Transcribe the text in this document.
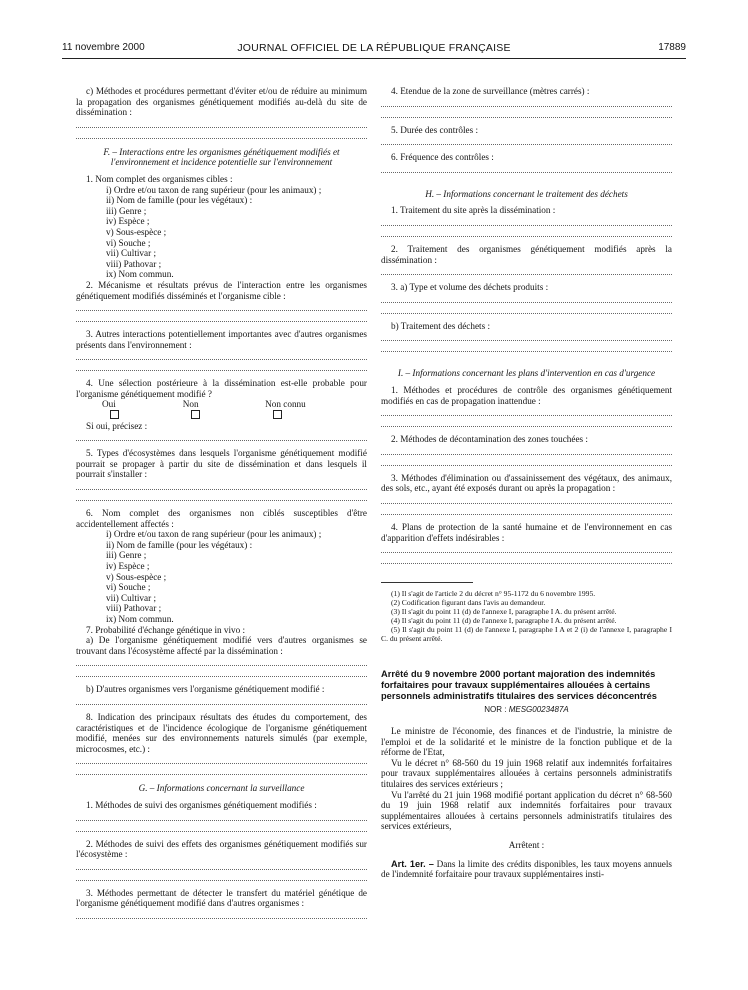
11 novembre 2000	JOURNAL OFFICIEL DE LA RÉPUBLIQUE FRANÇAISE	17889

c) Méthodes et procédures permettant d'éviter et/ou de réduire au minimum la propagation des organismes génétiquement modifiés au-delà du site de dissémination :

F. – Interactions entre les organismes génétiquement modifiés et l'environnement et incidence potentielle sur l'environnement

1. Nom complet des organismes cibles :

i) Ordre et/ou taxon de rang supérieur (pour les animaux) ;

ii) Nom de famille (pour les végétaux) :

iii) Genre ;

iv) Espèce ;

v) Sous-espèce ;

vi) Souche ;

vii) Cultivar ;

viii) Pathovar ;

ix) Nom commun.

2. Mécanisme et résultats prévus de l'interaction entre les organismes génétiquement modifiés disséminés et l'organisme cible :

3. Autres interactions potentiellement importantes avec d'autres organismes présents dans l'environnement :

4. Une sélection postérieure à la dissémination est-elle probable pour l'organisme génétiquement modifié ?

Oui	Non	Non connu

Si oui, précisez :

5. Types d'écosystèmes dans lesquels l'organisme génétiquement modifié pourrait se propager à partir du site de dissémination et dans lesquels il pourrait s'installer :

6. Nom complet des organismes non ciblés susceptibles d'être accidentellement affectés :

i) Ordre et/ou taxon de rang supérieur (pour les animaux) ;

ii) Nom de famille (pour les végétaux) :

iii) Genre ;

iv) Espèce ;

v) Sous-espèce ;

vi) Souche ;

vii) Cultivar ;

viii) Pathovar ;

ix) Nom commun.

7. Probabilité d'échange génétique in vivo :

a) De l'organisme génétiquement modifié vers d'autres organismes se trouvant dans l'écosystème affecté par la dissémination :

b) D'autres organismes vers l'organisme génétiquement modifié :

8. Indication des principaux résultats des études du comportement, des caractéristiques et de l'incidence écologique de l'organisme génétiquement modifié, menées sur des environnements naturels simulés (par exemple, microcosmes, etc.) :

G. – Informations concernant la surveillance

1. Méthodes de suivi des organismes génétiquement modifiés :

2. Méthodes de suivi des effets des organismes génétiquement modifiés sur l'écosystème :

3. Méthodes permettant de détecter le transfert du matériel génétique de l'organisme génétiquement modifié dans d'autres organismes :

4. Etendue de la zone de surveillance (mètres carrés) :

5. Durée des contrôles :

6. Fréquence des contrôles :

H. – Informations concernant le traitement des déchets

1. Traitement du site après la dissémination :

2. Traitement des organismes génétiquement modifiés après la dissémination :

3. a) Type et volume des déchets produits :

b) Traitement des déchets :

I. – Informations concernant les plans d'intervention en cas d'urgence

1. Méthodes et procédures de contrôle des organismes génétiquement modifiés en cas de propagation inattendue :

2. Méthodes de décontamination des zones touchées :

3. Méthodes d'élimination ou d'assainissement des végétaux, des animaux, des sols, etc., ayant été exposés durant ou après la propagation :

4. Plans de protection de la santé humaine et de l'environnement en cas d'apparition d'effets indésirables :

(1) Il s'agit de l'article 2 du décret n° 95-1172 du 6 novembre 1995.

(2) Codification figurant dans l'avis au demandeur.

(3) Il s'agit du point 11 (d) de l'annexe I, paragraphe I A. du présent arrêté.

(4) Il s'agit du point 11 (d) de l'annexe I, paragraphe I A. du présent arrêté.

(5) Il s'agit du point 11 (d) de l'annexe I, paragraphe I A et 2 (i) de l'annexe I, paragraphe I C. du présent arrêté.

Arrêté du 9 novembre 2000 portant majoration des indemnités forfaitaires pour travaux supplémentaires allouées à certains personnels administratifs titulaires des services déconcentrés

NOR : MESG0023487A

Le ministre de l'économie, des finances et de l'industrie, la ministre de l'emploi et de la solidarité et le ministre de la fonction publique et de la réforme de l'Etat,

Vu le décret n° 68-560 du 19 juin 1968 relatif aux indemnités forfaitaires pour travaux supplémentaires allouées à certains personnels administratifs titulaires des services extérieurs ;

Vu l'arrêté du 21 juin 1968 modifié portant application du décret n° 68-560 du 19 juin 1968 relatif aux indemnités forfaitaires pour travaux supplémentaires allouées à certains personnels administratifs titulaires des services extérieurs,

Arrêtent :

Art. 1er. – Dans la limite des crédits disponibles, les taux moyens annuels de l'indemnité forfaitaire pour travaux supplémentaires insti-
